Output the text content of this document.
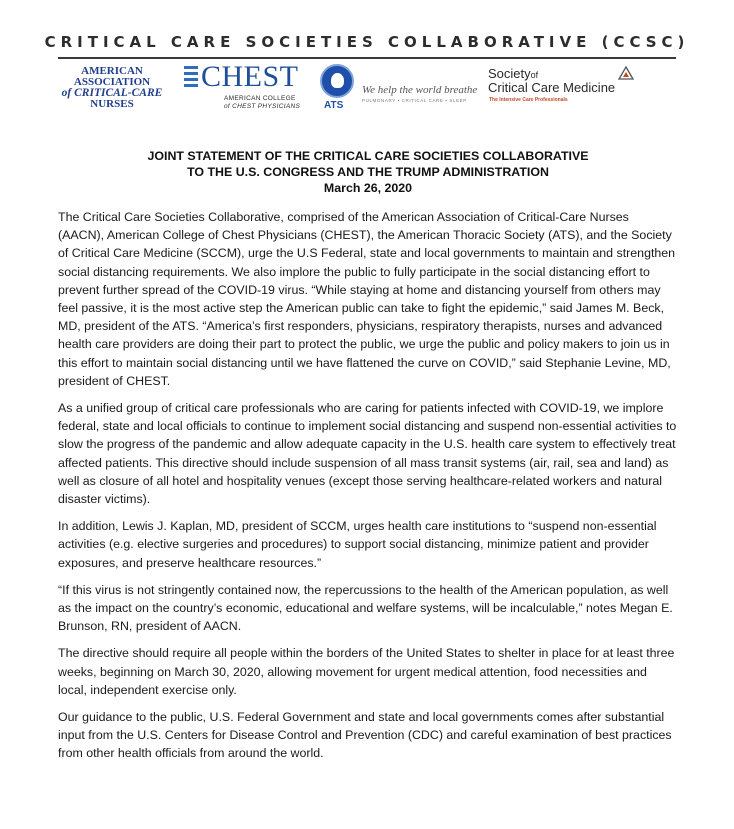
CRITICAL CARE SOCIETIES COLLABORATIVE (CCSC)
AMERICAN
ASSOCIATION
of CRITICAL-CARE
NURSES
CHEST
AMERICAN COLLEGE
of CHEST PHYSICIANS ATS
We help the world breathe
PULMONARY • CRITICAL CARE • SLEEP
Societyof
Critical Care Medicine
The Intensive Care Professionals
JOINT STATEMENT OF THE CRITICAL CARE SOCIETIES COLLABORATIVE
TO THE U.S. CONGRESS AND THE TRUMP ADMINISTRATION
March 26, 2020

The Critical Care Societies Collaborative, comprised of the American Association of Critical-Care Nurses (AACN), American College of Chest Physicians (CHEST), the American Thoracic Society (ATS), and the Society of Critical Care Medicine (SCCM), urge the U.S Federal, state and local governments to maintain and strengthen social distancing requirements. We also implore the public to fully participate in the social distancing effort to prevent further spread of the COVID-19 virus. “While staying at home and distancing yourself from others may feel passive, it is the most active step the American public can take to fight the epidemic,” said James M. Beck, MD, president of the ATS. “America’s first responders, physicians, respiratory therapists, nurses and advanced health care providers are doing their part to protect the public, we urge the public and policy makers to join us in this effort to maintain social distancing until we have flattened the curve on COVID,” said Stephanie Levine, MD, president of CHEST.

As a unified group of critical care professionals who are caring for patients infected with COVID-19, we implore federal, state and local officials to continue to implement social distancing and suspend non-essential activities to slow the progress of the pandemic and allow adequate capacity in the U.S. health care system to effectively treat affected patients. This directive should include suspension of all mass transit systems (air, rail, sea and land) as well as closure of all hotel and hospitality venues (except those serving healthcare-related workers and natural disaster victims).

In addition, Lewis J. Kaplan, MD, president of SCCM, urges health care institutions to “suspend non-essential activities (e.g. elective surgeries and procedures) to support social distancing, minimize patient and provider exposures, and preserve healthcare resources.”

“If this virus is not stringently contained now, the repercussions to the health of the American population, as well as the impact on the country’s economic, educational and welfare systems, will be incalculable,” notes Megan E. Brunson, RN, president of AACN.

The directive should require all people within the borders of the United States to shelter in place for at least three weeks, beginning on March 30, 2020, allowing movement for urgent medical attention, food necessities and local, independent exercise only.

Our guidance to the public, U.S. Federal Government and state and local governments comes after substantial input from the U.S. Centers for Disease Control and Prevention (CDC) and careful examination of best practices from other health officials from around the world.
